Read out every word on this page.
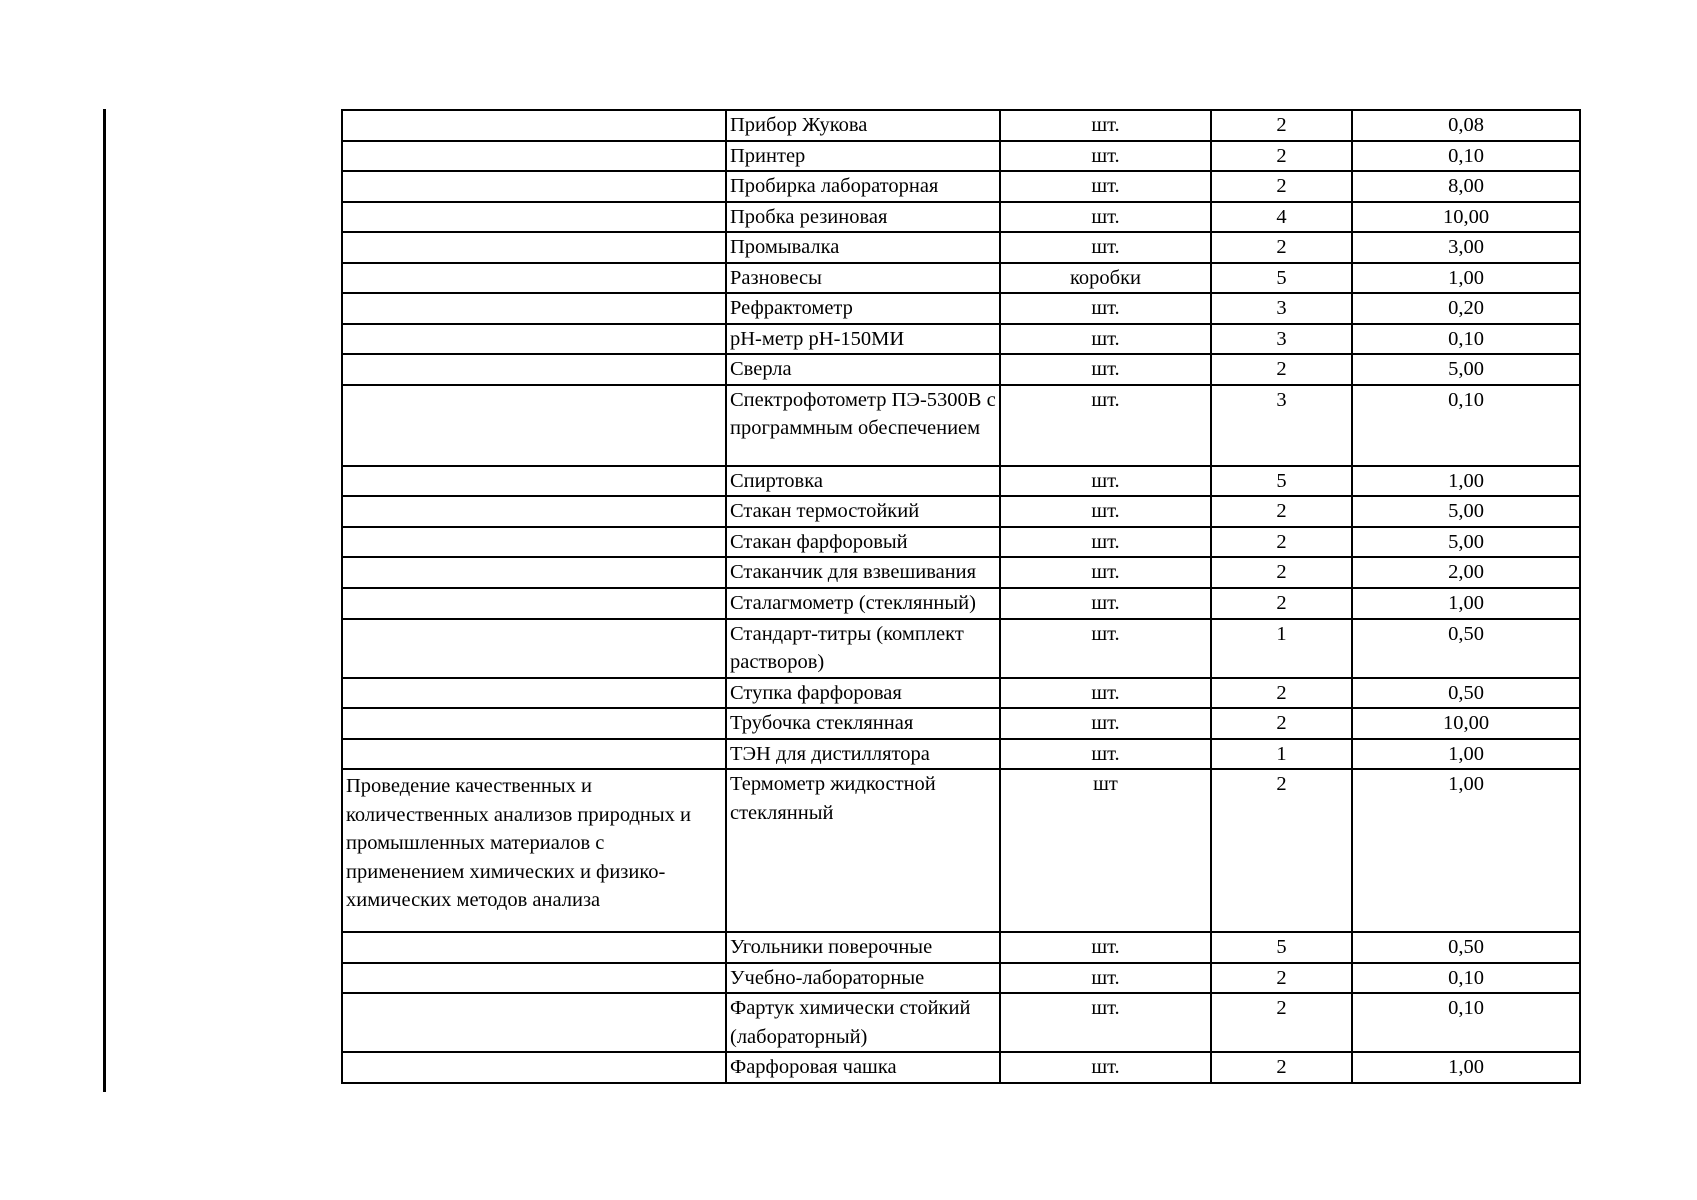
	Прибор Жукова	шт.	2	0,08

	Принтер	шт.	2	0,10

	Пробирка лабораторная	шт.	2	8,00

	Пробка резиновая	шт.	4	10,00

	Промывалка	шт.	2	3,00

	Разновесы	коробки	5	1,00

	Рефрактометр	шт.	3	0,20

	рН-метр рН-150МИ	шт.	3	0,10

	Сверла	шт.	2	5,00

	Спектрофотометр ПЭ-5300В с программным обеспечением	шт.	3	0,10

	Спиртовка	шт.	5	1,00

	Стакан термостойкий	шт.	2	5,00

	Стакан фарфоровый	шт.	2	5,00

	Стаканчик для взвешивания	шт.	2	2,00

	Сталагмометр (стеклянный)	шт.	2	1,00

	Стандарт-титры (комплект растворов)	шт.	1	0,50

	Ступка фарфоровая	шт.	2	0,50

	Трубочка стеклянная	шт.	2	10,00

	ТЭН для дистиллятора	шт.	1	1,00

Проведение качественных и количественных анализов природных и промышленных материалов с применением химических и физико-химических методов анализа	Термометр жидкостной стеклянный	шт	2	1,00

	Угольники поверочные	шт.	5	0,50

	Учебно-лабораторные	шт.	2	0,10

	Фартук химически стойкий (лабораторный)	шт.	2	0,10

	Фарфоровая чашка	шт.	2	1,00
